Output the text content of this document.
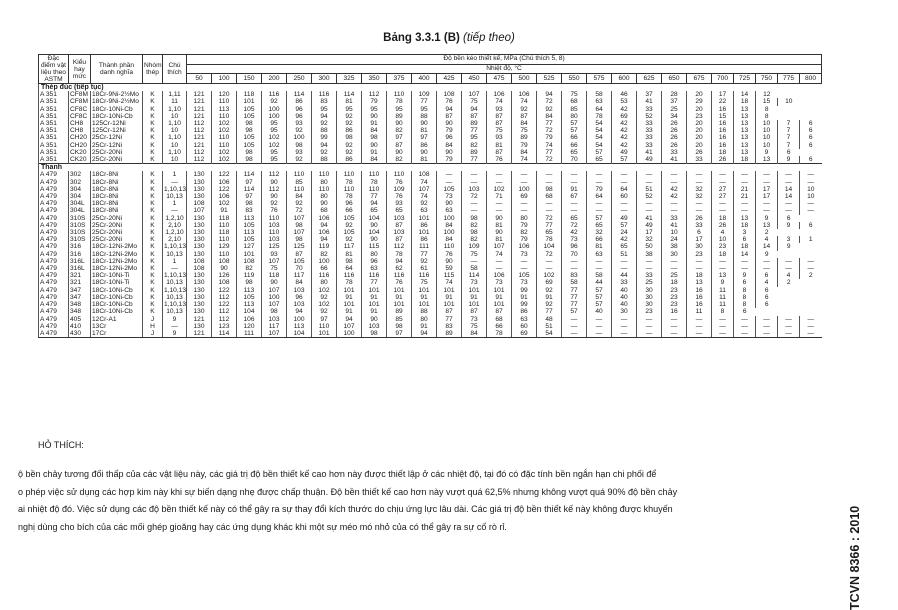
Bảng 3.3.1 (B) (tiếp theo)
Đặc điểm vật liệu theo ASTM	Kiểu hay mức	Thành phần danh nghĩa	Nhóm thép	Chú thích	Độ bền kéo thiết kế, MPa (Chú thích 5, 8)																									
					Nhiệt độ, °C																									
					50	100	150	200	250	300	325	350	375	400	425	450	475	500	525	550	575	600	625	650	675	700	725	750	775	800
Thép đúc (tiếp tục)																														
A 351	CF8M	18Cr-9Ni-2½Mo	K	1,11	121	120	118	116	114	116	114	112	110	109	108	107	106	106	94	75	58	46	37	28	20	17	14	12		
A 351	CF8M	18Cr-9Ni-2½Mo	K	11	121	110	101	92	86	83	81	79	78	77	76	75	74	74	72	68	63	53	41	37	29	22	18	15	10	
A 351	CF8C	18Cr-10Ni-Cb	K	1,10	121	113	105	100	96	95	95	95	95	95	94	94	93	92	92	85	64	42	33	25	20	16	13	8		
A 351	CF8C	18Cr-10Ni-Cb	K	10	121	110	105	100	96	94	92	90	89	88	87	87	87	87	84	80	78	69	52	34	23	15	13	8		
A 351	CH8	125Cr-12Ni	K	1,10	112	102	98	95	93	92	92	91	90	90	90	89	87	84	77	57	54	42	33	26	20	16	13	10	7	6
A 351	CH8	125Cr-12Ni	K	10	112	102	98	95	92	88	86	84	82	81	79	77	75	75	72	57	54	42	33	26	20	16	13	10	7	6
A 351	CH20	25Cr-12Ni	K	1,10	121	110	105	102	100	99	98	98	97	97	96	95	93	89	79	66	54	42	33	26	20	16	13	10	7	6
A 351	CH20	25Cr-12Ni	K	10	121	110	105	102	98	94	92	90	87	86	84	82	81	79	74	66	54	42	33	26	20	16	13	10	7	6
A 351	CK20	25Cr-20Ni	K	1,10	112	102	98	95	93	92	92	91	90	90	90	89	87	84	77	65	57	49	41	33	26	18	13	9	6	
A 351	CK20	25Cr-20Ni	K	10	112	102	98	95	92	88	86	84	82	81	79	77	76	74	72	70	65	57	49	41	33	26	18	13	9	6
Thanh																														
A 479	302	18Cr-8Ni	K	1	130	122	114	112	110	110	110	110	110	108	—	—	—	—	—	—	—	—	—	—	—	—	—	—	—	—
A 479	302	18Cr-8Ni	K	—	130	106	97	90	85	80	78	78	76	74	—	—	—	—	—	—	—	—	—	—	—	—	—	—	—	—
A 479	304	18Cr-8Ni	K	1,10,13	130	122	114	112	110	110	110	110	109	107	105	103	102	100	98	91	79	64	51	42	32	27	21	17	14	10
A 479	304	18Cr-8Ni	K	10,13	130	106	97	90	84	80	78	77	76	74	73	72	71	69	68	67	64	60	52	42	32	27	21	17	14	10
A 479	304L	18Cr-8Ni	K	1	108	102	98	92	92	90	96	94	93	92	90	—	—	—	—	—	—	—	—	—	—	—	—	—	—	—
A 479	304L	18Cr-8Ni	K	—	107	91	83	76	72	68	66	65	65	63	63	—	—	—	—	—	—	—	—	—	—	—	—	—	—	—
A 479	310S	25Cr-20Ni	K	1,2,10	130	118	113	110	107	106	105	104	103	101	100	98	90	80	72	65	57	49	41	33	26	18	13	9	6	
A 479	310S	25Cr-20Ni	K	2,10	130	110	105	103	98	94	92	90	87	86	84	82	81	79	77	72	65	57	49	41	33	26	18	13	9	6
A 479	310S	25Cr-20Ni	K	1,2,10	130	118	113	110	107	106	105	104	103	101	100	98	90	82	65	42	32	24	17	10	6	4	3	2		
A 479	310S	25Cr-20Ni	K	2,10	130	110	105	103	98	94	92	90	87	86	84	82	81	79	78	73	66	42	32	24	17	10	6	4	3	1
A 479	316	18Cr-12Ni-2Mo	K	1,10,13	130	129	127	125	125	119	117	115	112	111	110	109	107	106	104	96	81	65	50	38	30	23	18	14	9	
A 479	316	18Cr-12Ni-2Mo	K	10,13	130	110	101	93	87	82	81	80	78	77	76	75	74	73	72	70	63	51	38	30	23	18	14	9		
A 479	316L	18Cr-12Ni-2Mo	K	1	108	108	108	107	105	100	98	96	94	92	90	—	—	—	—	—	—	—	—	—	—	—	—	—	—	—
A 479	316L	18Cr-12Ni-2Mo	K	—	108	90	82	75	70	66	64	63	62	61	59	58	—	—	—	—	—	—	—	—	—	—	—	—	—	—
A 479	321	18Cr-10Ni-Ti	K	1,10,13	130	126	119	118	117	116	116	116	116	116	115	114	106	105	102	83	58	44	33	25	18	13	9	6	4	2
A 479	321	18Cr-10Ni-Ti	K	10,13	130	108	98	90	84	80	78	77	76	75	74	73	73	73	69	58	44	33	25	18	13	9	6	4	2	
A 479	347	18Cr-10Ni-Cb	K	1,10,13	130	122	113	107	103	102	101	101	101	101	101	101	101	99	92	77	57	40	30	23	16	11	8	6		
A 479	347	18Cr-10Ni-Cb	K	10,13	130	112	105	100	96	92	91	91	91	91	91	91	91	91	91	77	57	40	30	23	16	11	8	6		
A 479	348	18Cr-10Ni-Cb	K	1,10,13	130	122	113	107	103	102	101	101	101	101	101	101	101	99	92	77	57	40	30	23	16	11	8	6		
A 479	348	18Cr-10Ni-Cb	K	10,13	130	112	104	98	94	92	91	91	89	88	87	87	87	86	77	57	40	30	23	16	11	8	6			
A 479	405	12Cr-A1	J	9	121	112	106	103	100	97	94	90	85	80	77	73	68	63	48	—	—	—	—	—	—	—	—	—	—	—
A 479	410	13Cr	H	—	130	123	120	117	113	110	107	103	98	91	83	75	66	60	51	—	—	—	—	—	—	—	—	—	—	—
A 479	430	17Cr	J	9	121	114	111	107	104	101	100	98	97	94	89	84	78	69	54	—	—	—	—	—	—	—	—	—	—	—
HỎ THÍCH:
ộ bền chảy tương đối thấp của các vật liệu này, các giá trị độ bền thiết kế cao hơn này được thiết lập ở các nhiệt độ, tại đó có đặc tính bền ngắn hạn chi phối để
o phép việc sử dụng các hợp kim này khi sự biến dạng nhẹ được chấp thuận. Độ bền thiết kế cao hơn này vượt quá 62,5% nhưng không vượt quá 90% độ bền chảy
ai nhiệt độ đó. Việc sử dụng các độ bền thiết kế này có thể gây ra sự thay đổi kích thước do chịu ứng lực lâu dài. Các giá trị độ bền thiết kế này không được khuyến
nghị dùng cho bích của các mối ghép gioăng hay các ứng dụng khác khi một sự méo mó nhỏ của có thể gây ra sự cố rò rỉ.	TCVN 8366 : 2010
